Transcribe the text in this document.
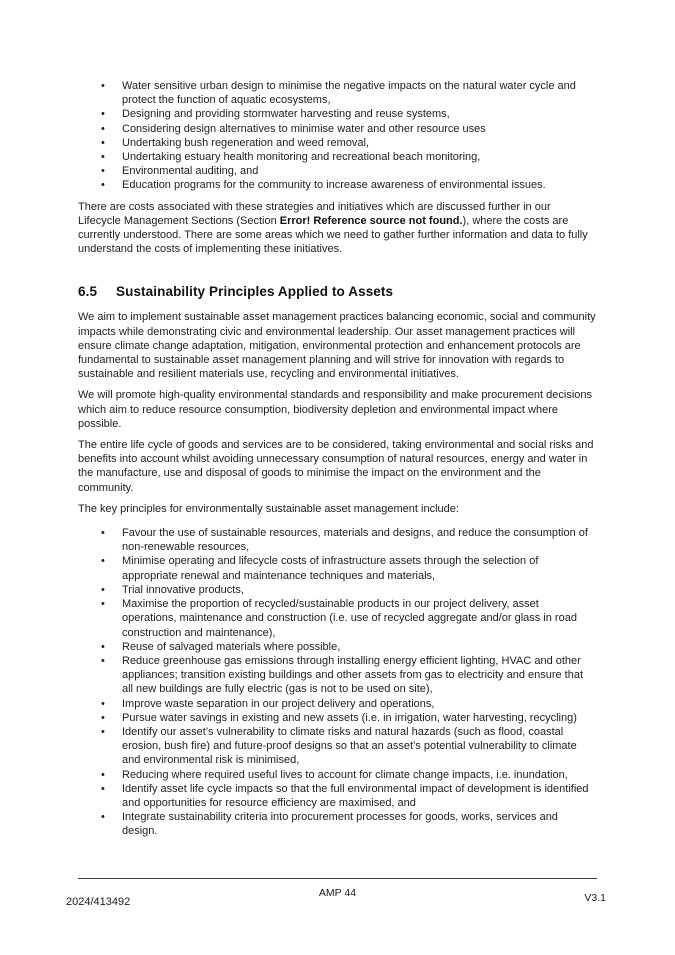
• Water sensitive urban design to minimise the negative impacts on the natural water cycle and protect the function of aquatic ecosystems,
• Designing and providing stormwater harvesting and reuse systems,
• Considering design alternatives to minimise water and other resource uses
• Undertaking bush regeneration and weed removal,
• Undertaking estuary health monitoring and recreational beach monitoring,
• Environmental auditing, and
• Education programs for the community to increase awareness of environmental issues.

There are costs associated with these strategies and initiatives which are discussed further in our Lifecycle Management Sections (Section Error! Reference source not found.), where the costs are currently understood. There are some areas which we need to gather further information and data to fully understand the costs of implementing these initiatives.

6.5 Sustainability Principles Applied to Assets

We aim to implement sustainable asset management practices balancing economic, social and community impacts while demonstrating civic and environmental leadership. Our asset management practices will ensure climate change adaptation, mitigation, environmental protection and enhancement protocols are fundamental to sustainable asset management planning and will strive for innovation with regards to sustainable and resilient materials use, recycling and environmental initiatives.

We will promote high-quality environmental standards and responsibility and make procurement decisions which aim to reduce resource consumption, biodiversity depletion and environmental impact where possible.

The entire life cycle of goods and services are to be considered, taking environmental and social risks and benefits into account whilst avoiding unnecessary consumption of natural resources, energy and water in the manufacture, use and disposal of goods to minimise the impact on the environment and the community.

The key principles for environmentally sustainable asset management include:

• Favour the use of sustainable resources, materials and designs, and reduce the consumption of non-renewable resources,
• Minimise operating and lifecycle costs of infrastructure assets through the selection of appropriate renewal and maintenance techniques and materials,
• Trial innovative products,
• Maximise the proportion of recycled/sustainable products in our project delivery, asset operations, maintenance and construction (i.e. use of recycled aggregate and/or glass in road construction and maintenance),
• Reuse of salvaged materials where possible,
• Reduce greenhouse gas emissions through installing energy efficient lighting, HVAC and other appliances; transition existing buildings and other assets from gas to electricity and ensure that all new buildings are fully electric (gas is not to be used on site),
• Improve waste separation in our project delivery and operations,
• Pursue water savings in existing and new assets (i.e. in irrigation, water harvesting, recycling)
• Identify our asset’s vulnerability to climate risks and natural hazards (such as flood, coastal erosion, bush fire) and future-proof designs so that an asset’s potential vulnerability to climate and environmental risk is minimised,
• Reducing where required useful lives to account for climate change impacts, i.e. inundation,
• Identify asset life cycle impacts so that the full environmental impact of development is identified and opportunities for resource efficiency are maximised, and
• Integrate sustainability criteria into procurement processes for goods, works, services and design.
2024/413492
AMP 44	V3.1
